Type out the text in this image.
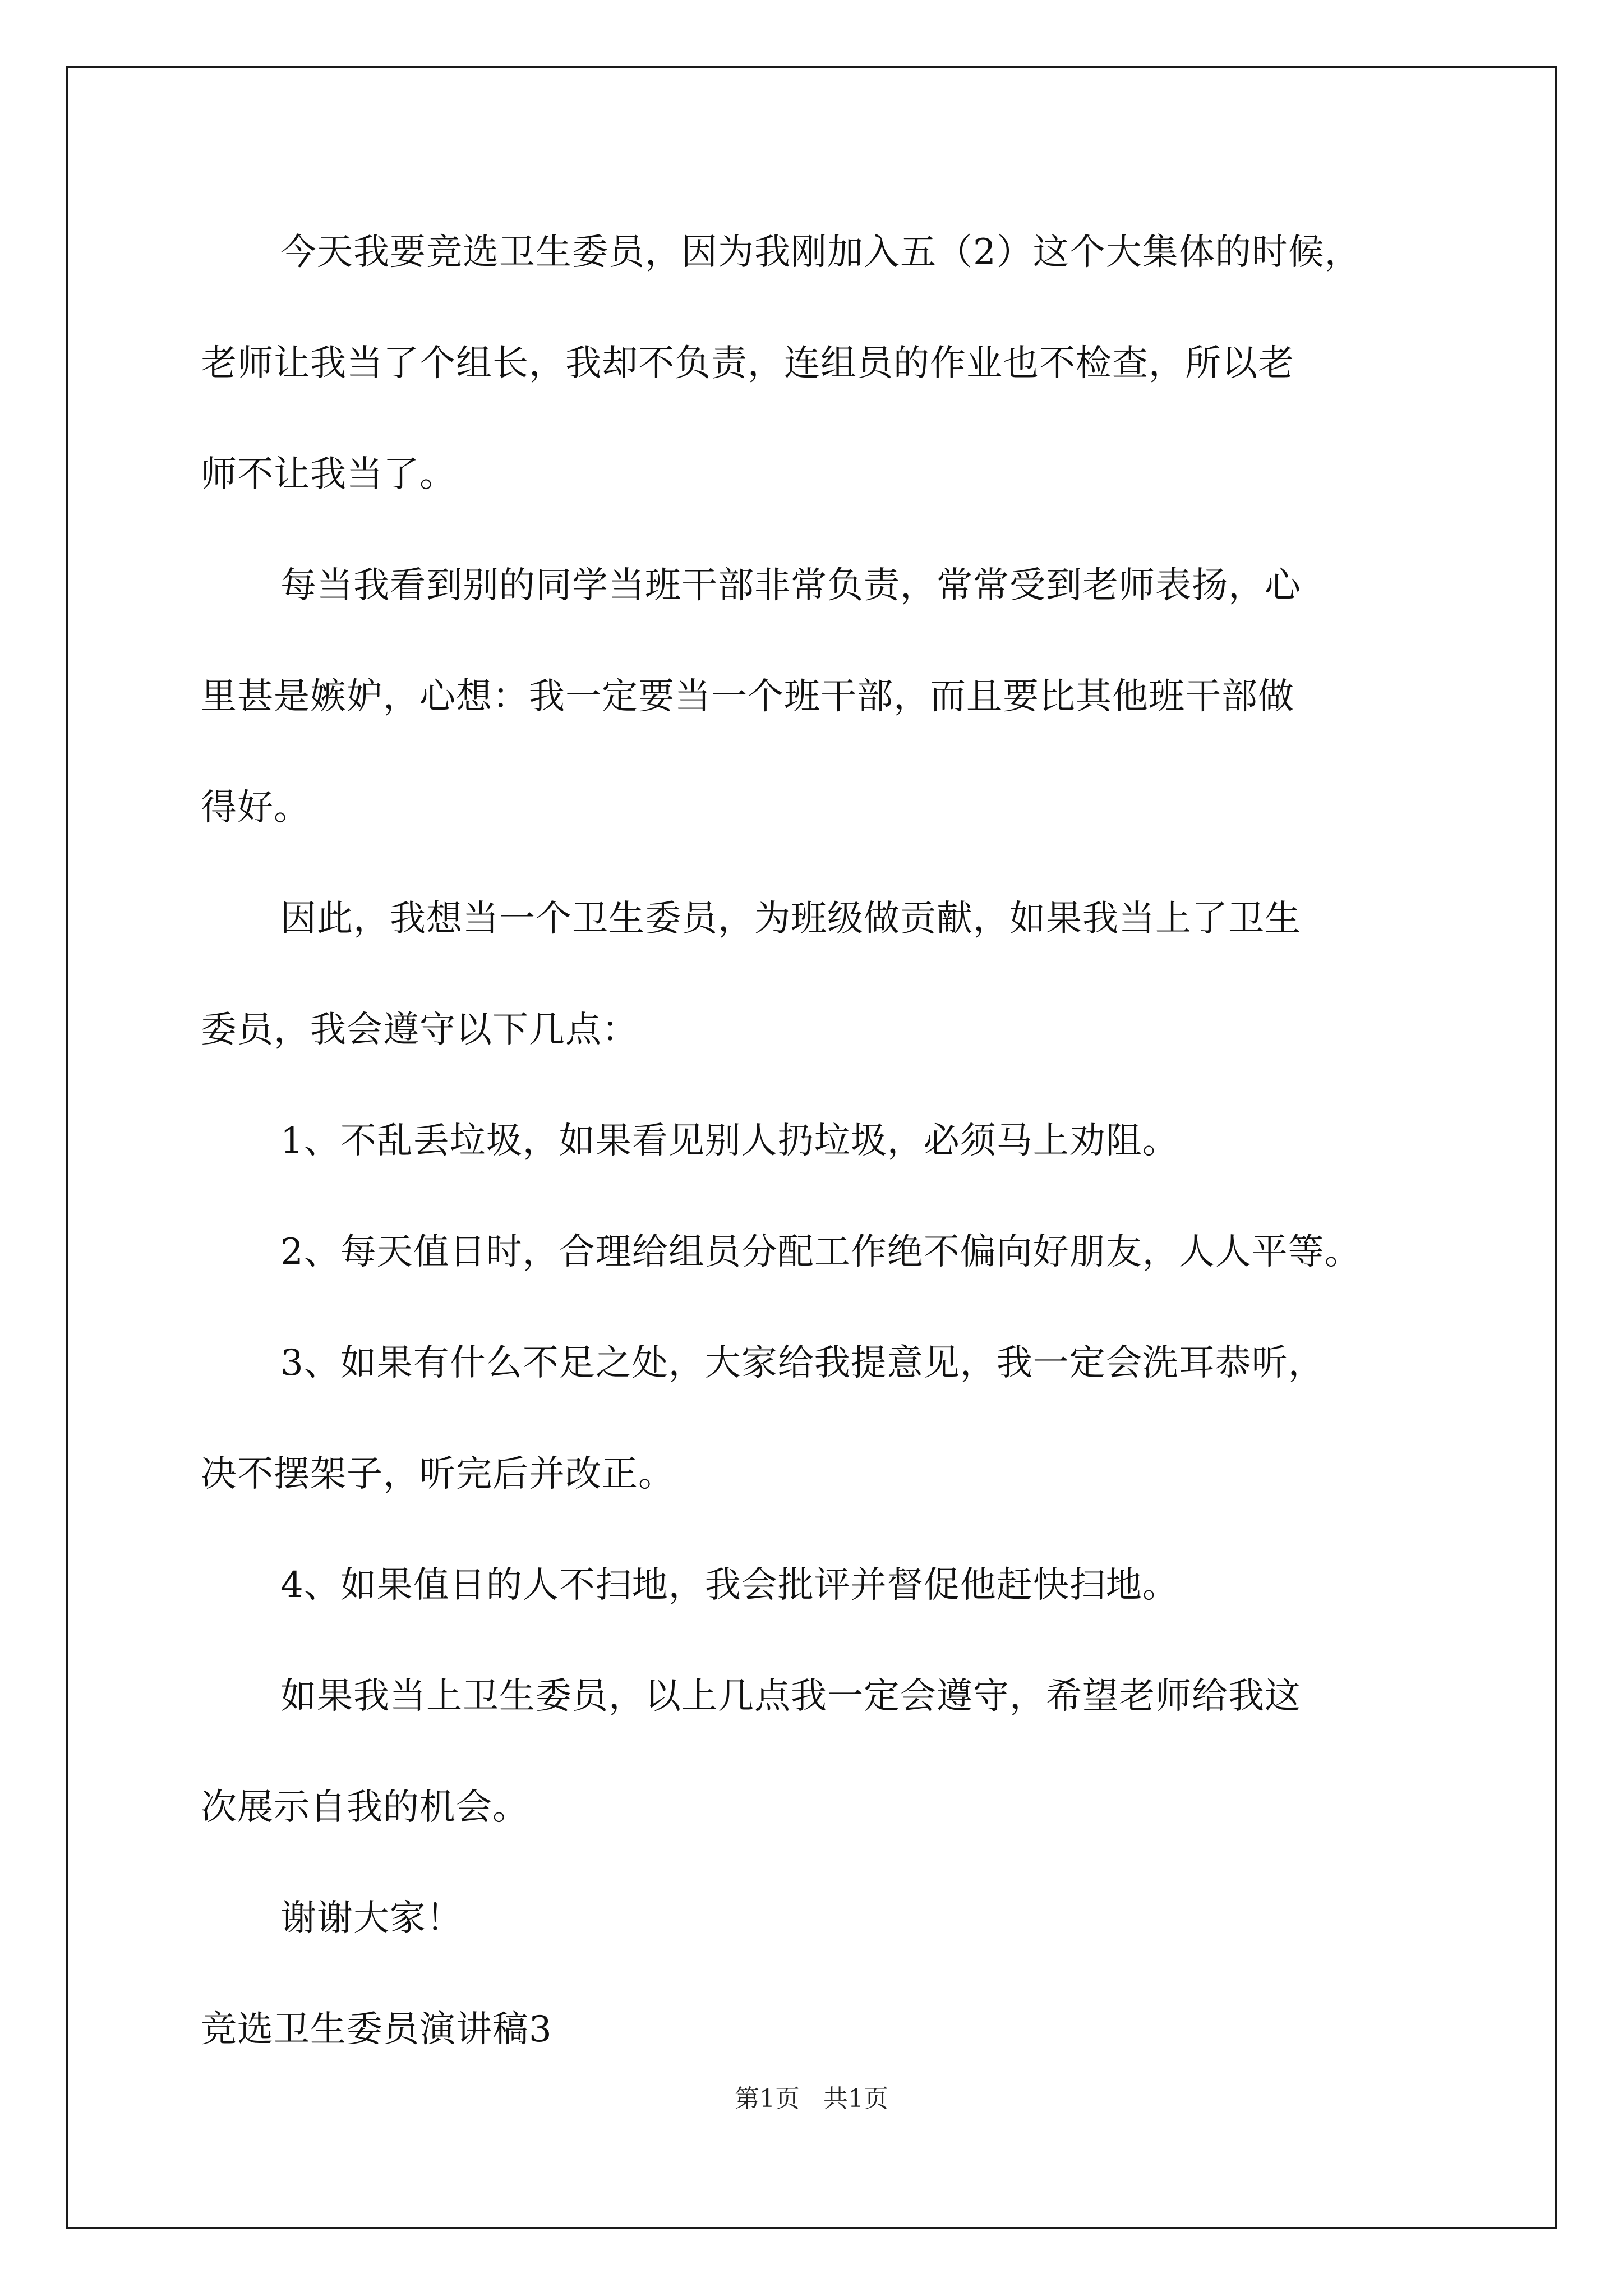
今天我要竞选卫生委员，因为我刚加入五（2）这个大集体的时候，
老师让我当了个组长，我却不负责，连组员的作业也不检查，所以老
师不让我当了。

每当我看到别的同学当班干部非常负责，常常受到老师表扬，心
里甚是嫉妒，心想：我一定要当一个班干部，而且要比其他班干部做
得好。

因此，我想当一个卫生委员，为班级做贡献，如果我当上了卫生
委员，我会遵守以下几点：

1、不乱丢垃圾，如果看见别人扔垃圾，必须马上劝阻。

2、每天值日时，合理给组员分配工作绝不偏向好朋友，人人平等。

3、如果有什么不足之处，大家给我提意见，我一定会洗耳恭听，
决不摆架子，听完后并改正。

4、如果值日的人不扫地，我会批评并督促他赶快扫地。

如果我当上卫生委员，以上几点我一定会遵守，希望老师给我这
次展示自我的机会。

谢谢大家！

竞选卫生委员演讲稿3
第1页   共1页
